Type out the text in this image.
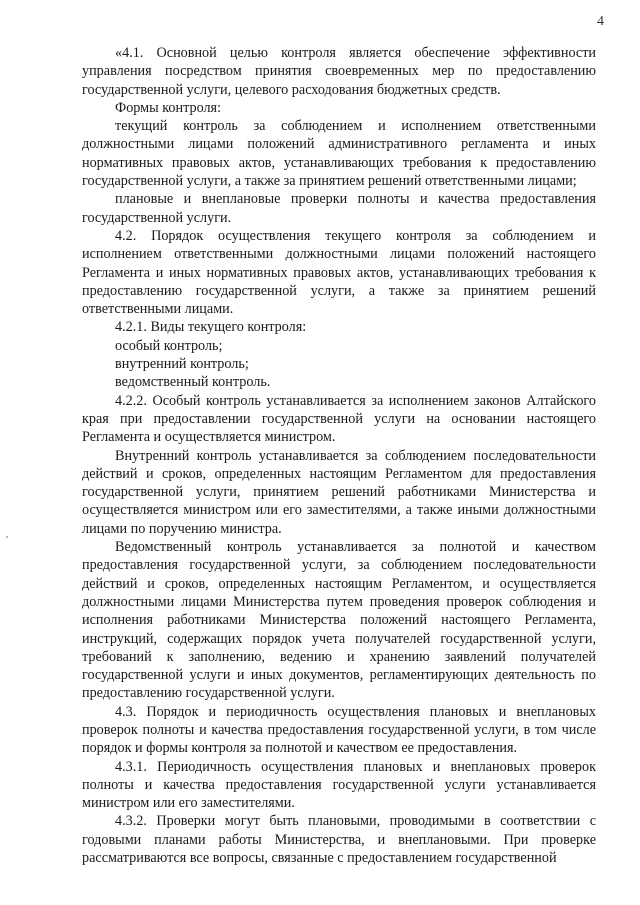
4

«4.1. Основной целью контроля является обеспечение эффективности управления посредством принятия своевременных мер по предоставлению государственной услуги, целевого расходования бюджетных средств.

Формы контроля:

текущий контроль за соблюдением и исполнением ответственными должностными лицами положений административного регламента и иных нормативных правовых актов, устанавливающих требования к предоставлению государственной услуги, а также за принятием решений ответственными лицами;

плановые и внеплановые проверки полноты и качества предоставления государственной услуги.

4.2. Порядок осуществления текущего контроля за соблюдением и исполнением ответственными должностными лицами положений настоящего Регламента и иных нормативных правовых актов, устанавливающих требования к предоставлению государственной услуги, а также за принятием решений ответственными лицами.

4.2.1. Виды текущего контроля:

особый контроль;

внутренний контроль;

ведомственный контроль.

4.2.2. Особый контроль устанавливается за исполнением законов Алтайского края при предоставлении государственной услуги на основании настоящего Регламента и осуществляется министром.

Внутренний контроль устанавливается за соблюдением последовательности действий и сроков, определенных настоящим Регламентом для предоставления государственной услуги, принятием решений работниками Министерства и осуществляется министром или его заместителями, а также иными должностными лицами по поручению министра.

Ведомственный контроль устанавливается за полнотой и качеством предоставления государственной услуги, за соблюдением последовательности действий и сроков, определенных настоящим Регламентом, и осуществляется должностными лицами Министерства путем проведения проверок соблюдения и исполнения работниками Министерства положений настоящего Регламента, инструкций, содержащих порядок учета получателей государственной услуги, требований к заполнению, ведению и хранению заявлений получателей государственной услуги и иных документов, регламентирующих деятельность по предоставлению государственной услуги.

4.3. Порядок и периодичность осуществления плановых и внеплановых проверок полноты и качества предоставления государственной услуги, в том числе порядок и формы контроля за полнотой и качеством ее предоставления.

4.3.1. Периодичность осуществления плановых и внеплановых проверок полноты и качества предоставления государственной услуги устанавливается министром или его заместителями.

4.3.2. Проверки могут быть плановыми, проводимыми в соответствии с годовыми планами работы Министерства, и внеплановыми. При проверке рассматриваются все вопросы, связанные с предоставлением государственной
